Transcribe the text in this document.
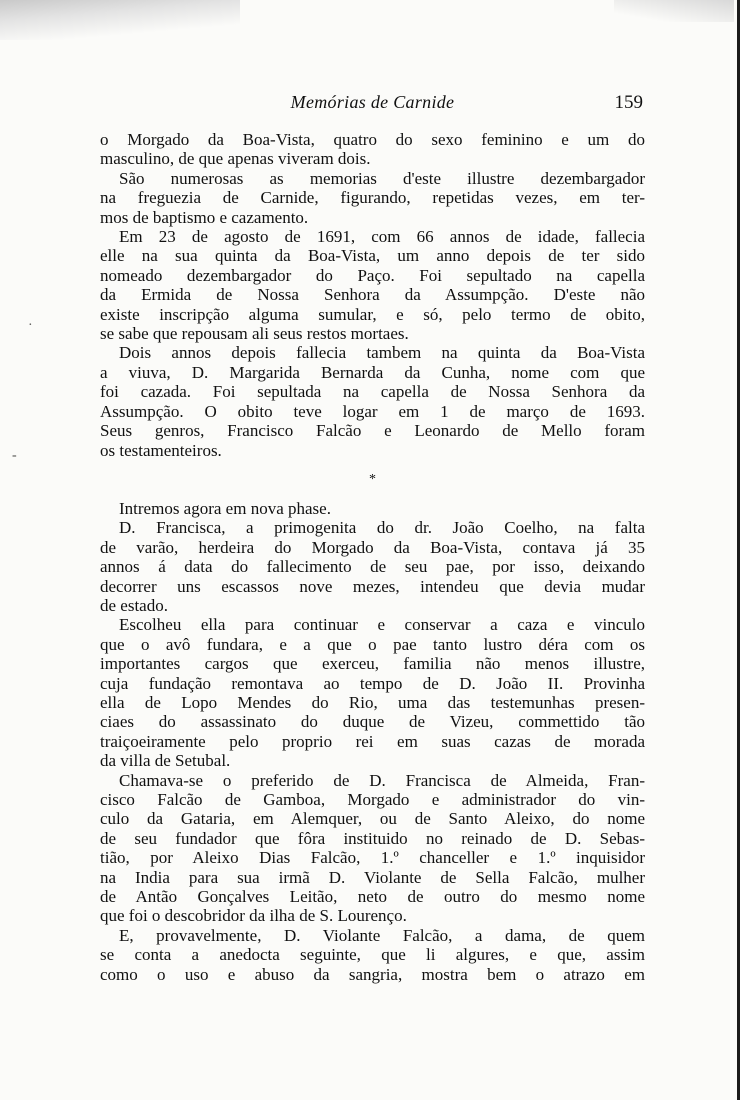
Memórias de Carnide	159
·
-
o Morgado da Boa-Vista, quatro do sexo feminino e um do
masculino, de que apenas viveram dois.
São numerosas as memorias d'este illustre dezembargador
na freguezia de Carnide, figurando, repetidas vezes, em ter-
mos de baptismo e cazamento.
Em 23 de agosto de 1691, com 66 annos de idade, fallecia
elle na sua quinta da Boa-Vista, um anno depois de ter sido
nomeado dezembargador do Paço. Foi sepultado na capella
da Ermida de Nossa Senhora da Assumpção. D'este não
existe inscripção alguma sumular, e só, pelo termo de obito,
se sabe que repousam ali seus restos mortaes.
Dois annos depois fallecia tambem na quinta da Boa-Vista
a viuva, D. Margarida Bernarda da Cunha, nome com que
foi cazada. Foi sepultada na capella de Nossa Senhora da
Assumpção. O obito teve logar em 1 de março de 1693.
Seus genros, Francisco Falcão e Leonardo de Mello foram
os testamenteiros.
*
Intremos agora em nova phase.
D. Francisca, a primogenita do dr. João Coelho, na falta
de varão, herdeira do Morgado da Boa-Vista, contava já 35
annos á data do fallecimento de seu pae, por isso, deixando
decorrer uns escassos nove mezes, intendeu que devia mudar
de estado.
Escolheu ella para continuar e conservar a caza e vinculo
que o avô fundara, e a que o pae tanto lustro déra com os
importantes cargos que exerceu, familia não menos illustre,
cuja fundação remontava ao tempo de D. João II. Provinha
ella de Lopo Mendes do Rio, uma das testemunhas presen-
ciaes do assassinato do duque de Vizeu, commettido tão
traiçoeiramente pelo proprio rei em suas cazas de morada
da villa de Setubal.
Chamava-se o preferido de D. Francisca de Almeida, Fran-
cisco Falcão de Gamboa, Morgado e administrador do vin-
culo da Gataria, em Alemquer, ou de Santo Aleixo, do nome
de seu fundador que fôra instituido no reinado de D. Sebas-
tião, por Aleixo Dias Falcão, 1.º chanceller e 1.º inquisidor
na India para sua irmã D. Violante de Sella Falcão, mulher
de Antão Gonçalves Leitão, neto de outro do mesmo nome
que foi o descobridor da ilha de S. Lourenço.
E, provavelmente, D. Violante Falcão, a dama, de quem
se conta a anedocta seguinte, que li algures, e que, assim
como o uso e abuso da sangria, mostra bem o atrazo em
